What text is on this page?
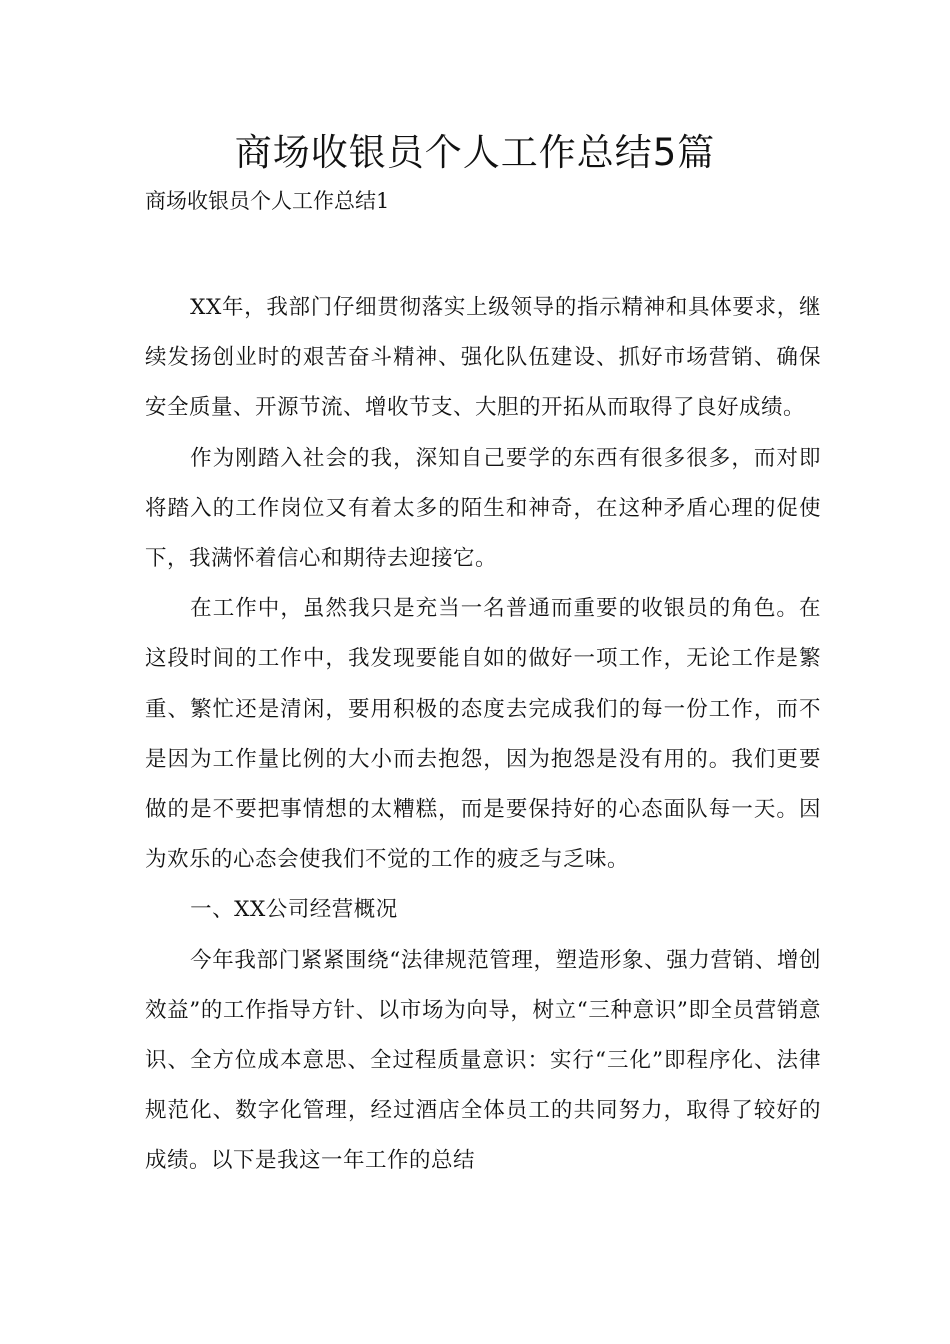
商场收银员个人工作总结5篇

商场收银员个人工作总结1

XX年，我部门仔细贯彻落实上级领导的指示精神和具体要求，继续发扬创业时的艰苦奋斗精神、强化队伍建设、抓好市场营销、确保安全质量、开源节流、增收节支、大胆的开拓从而取得了良好成绩。

作为刚踏入社会的我，深知自己要学的东西有很多很多，而对即将踏入的工作岗位又有着太多的陌生和神奇，在这种矛盾心理的促使下，我满怀着信心和期待去迎接它。

在工作中，虽然我只是充当一名普通而重要的收银员的角色。在这段时间的工作中，我发现要能自如的做好一项工作，无论工作是繁重、繁忙还是清闲，要用积极的态度去完成我们的每一份工作，而不是因为工作量比例的大小而去抱怨，因为抱怨是没有用的。我们更要做的是不要把事情想的太糟糕，而是要保持好的心态面队每一天。因为欢乐的心态会使我们不觉的工作的疲乏与乏味。

一、XX公司经营概况

今年我部门紧紧围绕“法律规范管理，塑造形象、强力营销、增创效益”的工作指导方针、以市场为向导，树立“三种意识”即全员营销意识、全方位成本意思、全过程质量意识：实行“三化”即程序化、法律规范化、数字化管理，经过酒店全体员工的共同努力，取得了较好的成绩。以下是我这一年工作的总结
